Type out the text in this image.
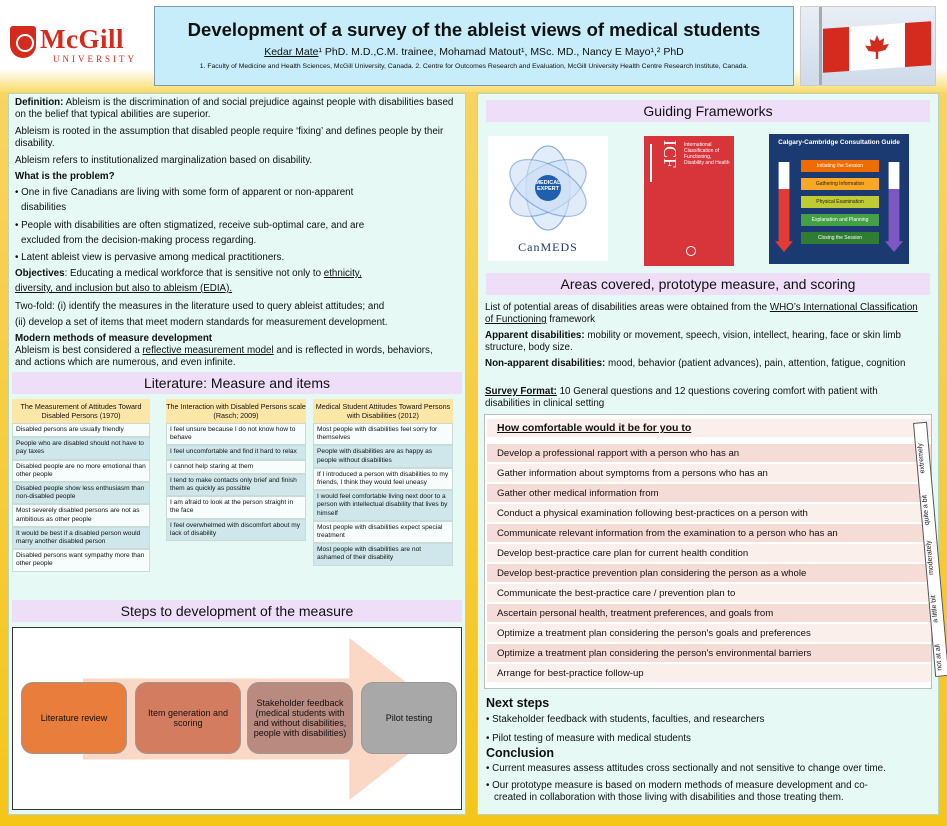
McGill
UNIVERSITY
Development of a survey of the ableist views of medical students
Kedar Mate¹ PhD. M.D.,C.M. trainee, Mohamad Matout¹, MSc. MD., Nancy E Mayo¹,² PhD
1. Faculty of Medicine and Health Sciences, McGill University, Canada. 2. Centre for Outcomes Research and Evaluation, McGill University Health Centre Research Institute, Canada.
Definition: Ableism is the discrimination of and social prejudice against people with disabilities based on the belief that typical abilities are superior.
Ableism is rooted in the assumption that disabled people require ‘fixing’ and defines people by their disability.
Ableism refers to institutionalized marginalization based on disability.
What is the problem?
• One in five Canadians are living with some form of apparent or non-apparent
disabilities
• People with disabilities are often stigmatized, receive sub-optimal care, and are
excluded from the decision-making process regarding.
• Latent ableist view is pervasive among medical practitioners.
Objectives: Educating a medical workforce that is sensitive not only to ethnicity,
diversity, and inclusion but also to ableism (EDIA).
Two-fold: (i) identify the measures in the literature used to query ableist attitudes; and
(ii) develop a set of items that meet modern standards for measurement development.
Modern methods of measure development
Ableism is best considered a reflective measurement model and is reflected in words, behaviors, and actions which are numerous, and even infinite.
Literature: Measure and items
The Measurement of Attitudes Toward Disabled Persons (1970)
Disabled persons are usually friendly
People who are disabled should not have to pay taxes
Disabled people are no more emotional than other people
Disabled people show less enthusiasm than non-disabled people
Most severely disabled persons are not as ambitious as other people
It would be best if a disabled person would marry another disabled person
Disabled persons want sympathy more than other people
The Interaction with Disabled Persons scale (Rasch; 2009)
I feel unsure because I do not know how to behave
I feel uncomfortable and find it hard to relax
I cannot help staring at them
I tend to make contacts only brief and finish them as quickly as possible
I am afraid to look at the person straight in the face
I feel overwhelmed with discomfort about my lack of disability
Medical Student Attitudes Toward Persons with Disabilities (2012)
Most people with disabilities feel sorry for themselves
People with disabilities are as happy as people without disabilities
If I introduced a person with disabilities to my friends, I think they would feel uneasy
I would feel comfortable living next door to a person with intellectual disability that lives by himself
Most people with disabilities expect special treatment
Most people with disabilities are not ashamed of their disability
Steps to development of the measure
Literature review	Item generation and scoring
Stakeholder feedback (medical students with and without disabilities, people with disabilities)
Pilot testing
Guiding Frameworks
MEDICAL EXPERT
CanMEDS
ICF International Classification of Functioning, Disability and Health
Calgary-Cambridge Consultation Guide
Initiating the Session
Gathering Information
Physical Examination
Explanation and Planning
Closing the Session
Areas covered, prototype measure, and scoring
List of potential areas of disabilities areas were obtained from the WHO’s International Classification of Functioning framework
Apparent disabilities: mobility or movement, speech, vision, intellect, hearing, face or skin limb structure, body size.
Non-apparent disabilities: mood, behavior (patient advances), pain, attention, fatigue, cognition
Survey Format: 10 General questions and 12 questions covering comfort with patient with disabilities in clinical setting
How comfortable would it be for you to
Develop a professional rapport with a person who has an
Gather information about symptoms from a persons who has an
Gather other medical information from
Conduct a physical examination following best-practices on a person with
Communicate relevant information from the examination to a person who has an
Develop best-practice care plan for current health condition
Develop best-practice prevention plan considering the person as a whole
Communicate the best-practice care / prevention plan to
Ascertain personal health, treatment preferences, and goals from
Optimize a treatment plan considering the person's goals and preferences
Optimize a treatment plan considering the person's environmental barriers
Arrange for best-practice follow-up
extremely
quite a bit
moderately
a little bit
not at all
Next steps
• Stakeholder feedback with students, faculties, and researchers
• Pilot testing of measure with medical students
Conclusion
• Current measures assess attitudes cross sectionally and not sensitive to change over time.
• Our prototype measure is based on modern methods of measure development and co-
created in collaboration with those living with disabilities and those treating them.
